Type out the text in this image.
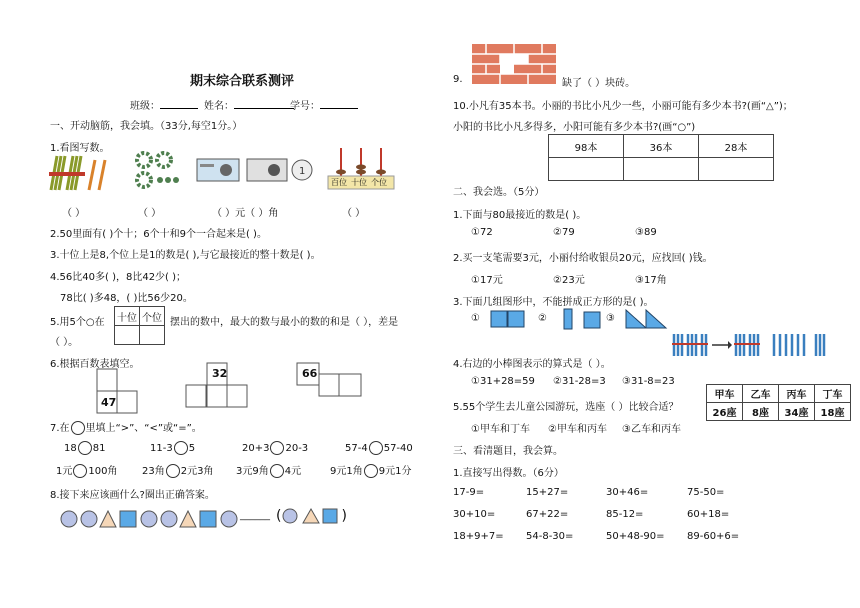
期末综合联系测评
班级：	姓名：	学号：
一、开动脑筋，我会填。（33分,每空1分。）
1.看图写数。
1
百位 十位 个位
（ ）	（ ）	（ ）元（ ）角	（ ）
2.50里面有( )个十；6个十和9个一合起来是( )。
3.十位上是8,个位上是1的数是( ),与它最接近的整十数是( )。
4.56比40多( )，8比42少( )；
78比( )多48，( )比56少20。
5.用5个○在 十位	个位
	摆出的数中，最大的数与最小的数的和是（ ），差是
（ ）。
6.根据百数表填空。
47
32	66
7.在 里填上“>”、“<”或“=”。
18 81	11-3 5	20+3 20-3	57-4 57-40
1元 100角 23角 2元3角 3元9角 4元	9元1角 9元1分
8.接下来应该画什么?圈出正确答案。
______ (	)
9.	缺了（ ）块砖。
10.小凡有35本书。小丽的书比小凡少一些，小丽可能有多少本书?(画“△”)；
小阳的书比小凡多得多，小阳可能有多少本书?(画“○”)
98本	36本	28本

二、我会选。（5分）
1.下面与80最接近的数是( )。
①72	②79	③89
2.买一支笔需要3元，小丽付给收银员20元，应找回( )钱。
①17元	②23元	③17角
3.下面几组图形中，不能拼成正方形的是( )。
①	②	③
4.右边的小棒图表示的算式是（ ）。
①31+28=59 ②31-28=3 ③31-8=23
甲车	乙车	丙车	丁车
26座	8座	34座	18座
5.55个学生去儿童公园游玩，选座（ ）比较合适？
①甲车和丁车 ②甲车和丙车 ③乙车和丙车
三、看清题目，我会算。
1.直接写出得数。（6分）
17-9=	15+27=	30+46=	75-50=
30+10=	67+22=	85-12=	60+18=
18+9+7= 54-8-30=	50+48-90= 89-60+6=
